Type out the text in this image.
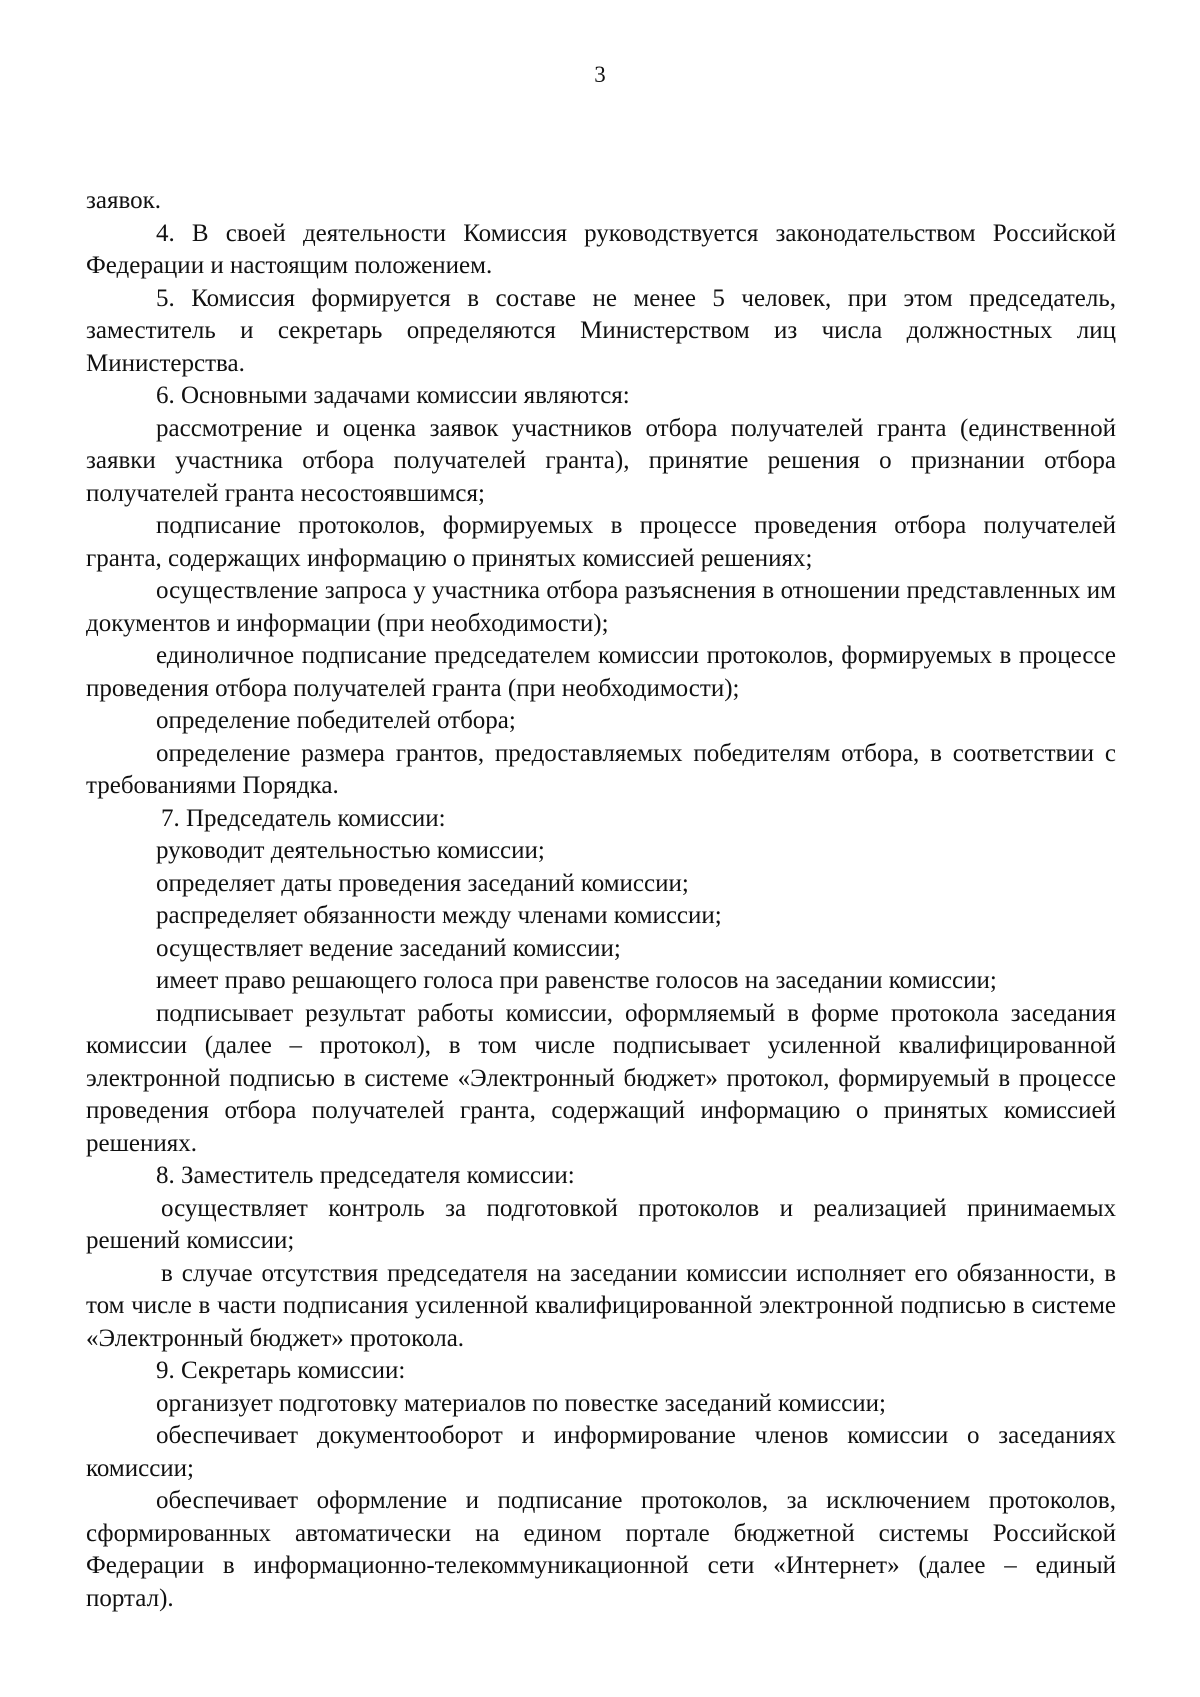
3

заявок.

4. В своей деятельности Комиссия руководствуется законодательством Российской Федерации и настоящим положением.

5. Комиссия формируется в составе не менее 5 человек, при этом председатель, заместитель и секретарь определяются Министерством из числа должностных лиц Министерства.

6. Основными задачами комиссии являются:

рассмотрение и оценка заявок участников отбора получателей гранта (единственной заявки участника отбора получателей гранта), принятие решения о признании отбора получателей гранта несостоявшимся;

подписание протоколов, формируемых в процессе проведения отбора получателей гранта, содержащих информацию о принятых комиссией решениях;

осуществление запроса у участника отбора разъяснения в отношении представленных им документов и информации (при необходимости);

единоличное подписание председателем комиссии протоколов, формируемых в процессе проведения отбора получателей гранта (при необходимости);

определение победителей отбора;

определение размера грантов, предоставляемых победителям отбора, в соответствии с требованиями Порядка.

7. Председатель комиссии:

руководит деятельностью комиссии;

определяет даты проведения заседаний комиссии;

распределяет обязанности между членами комиссии;

осуществляет ведение заседаний комиссии;

имеет право решающего голоса при равенстве голосов на заседании комиссии;

подписывает результат работы комиссии, оформляемый в форме протокола заседания комиссии (далее – протокол), в том числе подписывает усиленной квалифицированной электронной подписью в системе «Электронный бюджет» протокол, формируемый в процессе проведения отбора получателей гранта, содержащий информацию о принятых комиссией решениях.

8. Заместитель председателя комиссии:

осуществляет контроль за подготовкой протоколов и реализацией принимаемых решений комиссии;

в случае отсутствия председателя на заседании комиссии исполняет его обязанности, в том числе в части подписания усиленной квалифицированной электронной подписью в системе «Электронный бюджет» протокола.

9. Секретарь комиссии:

организует подготовку материалов по повестке заседаний комиссии;

обеспечивает документооборот и информирование членов комиссии о заседаниях комиссии;

обеспечивает оформление и подписание протоколов, за исключением протоколов, сформированных автоматически на едином портале бюджетной системы Российской Федерации в информационно-телекоммуникационной сети «Интернет» (далее – единый портал).
